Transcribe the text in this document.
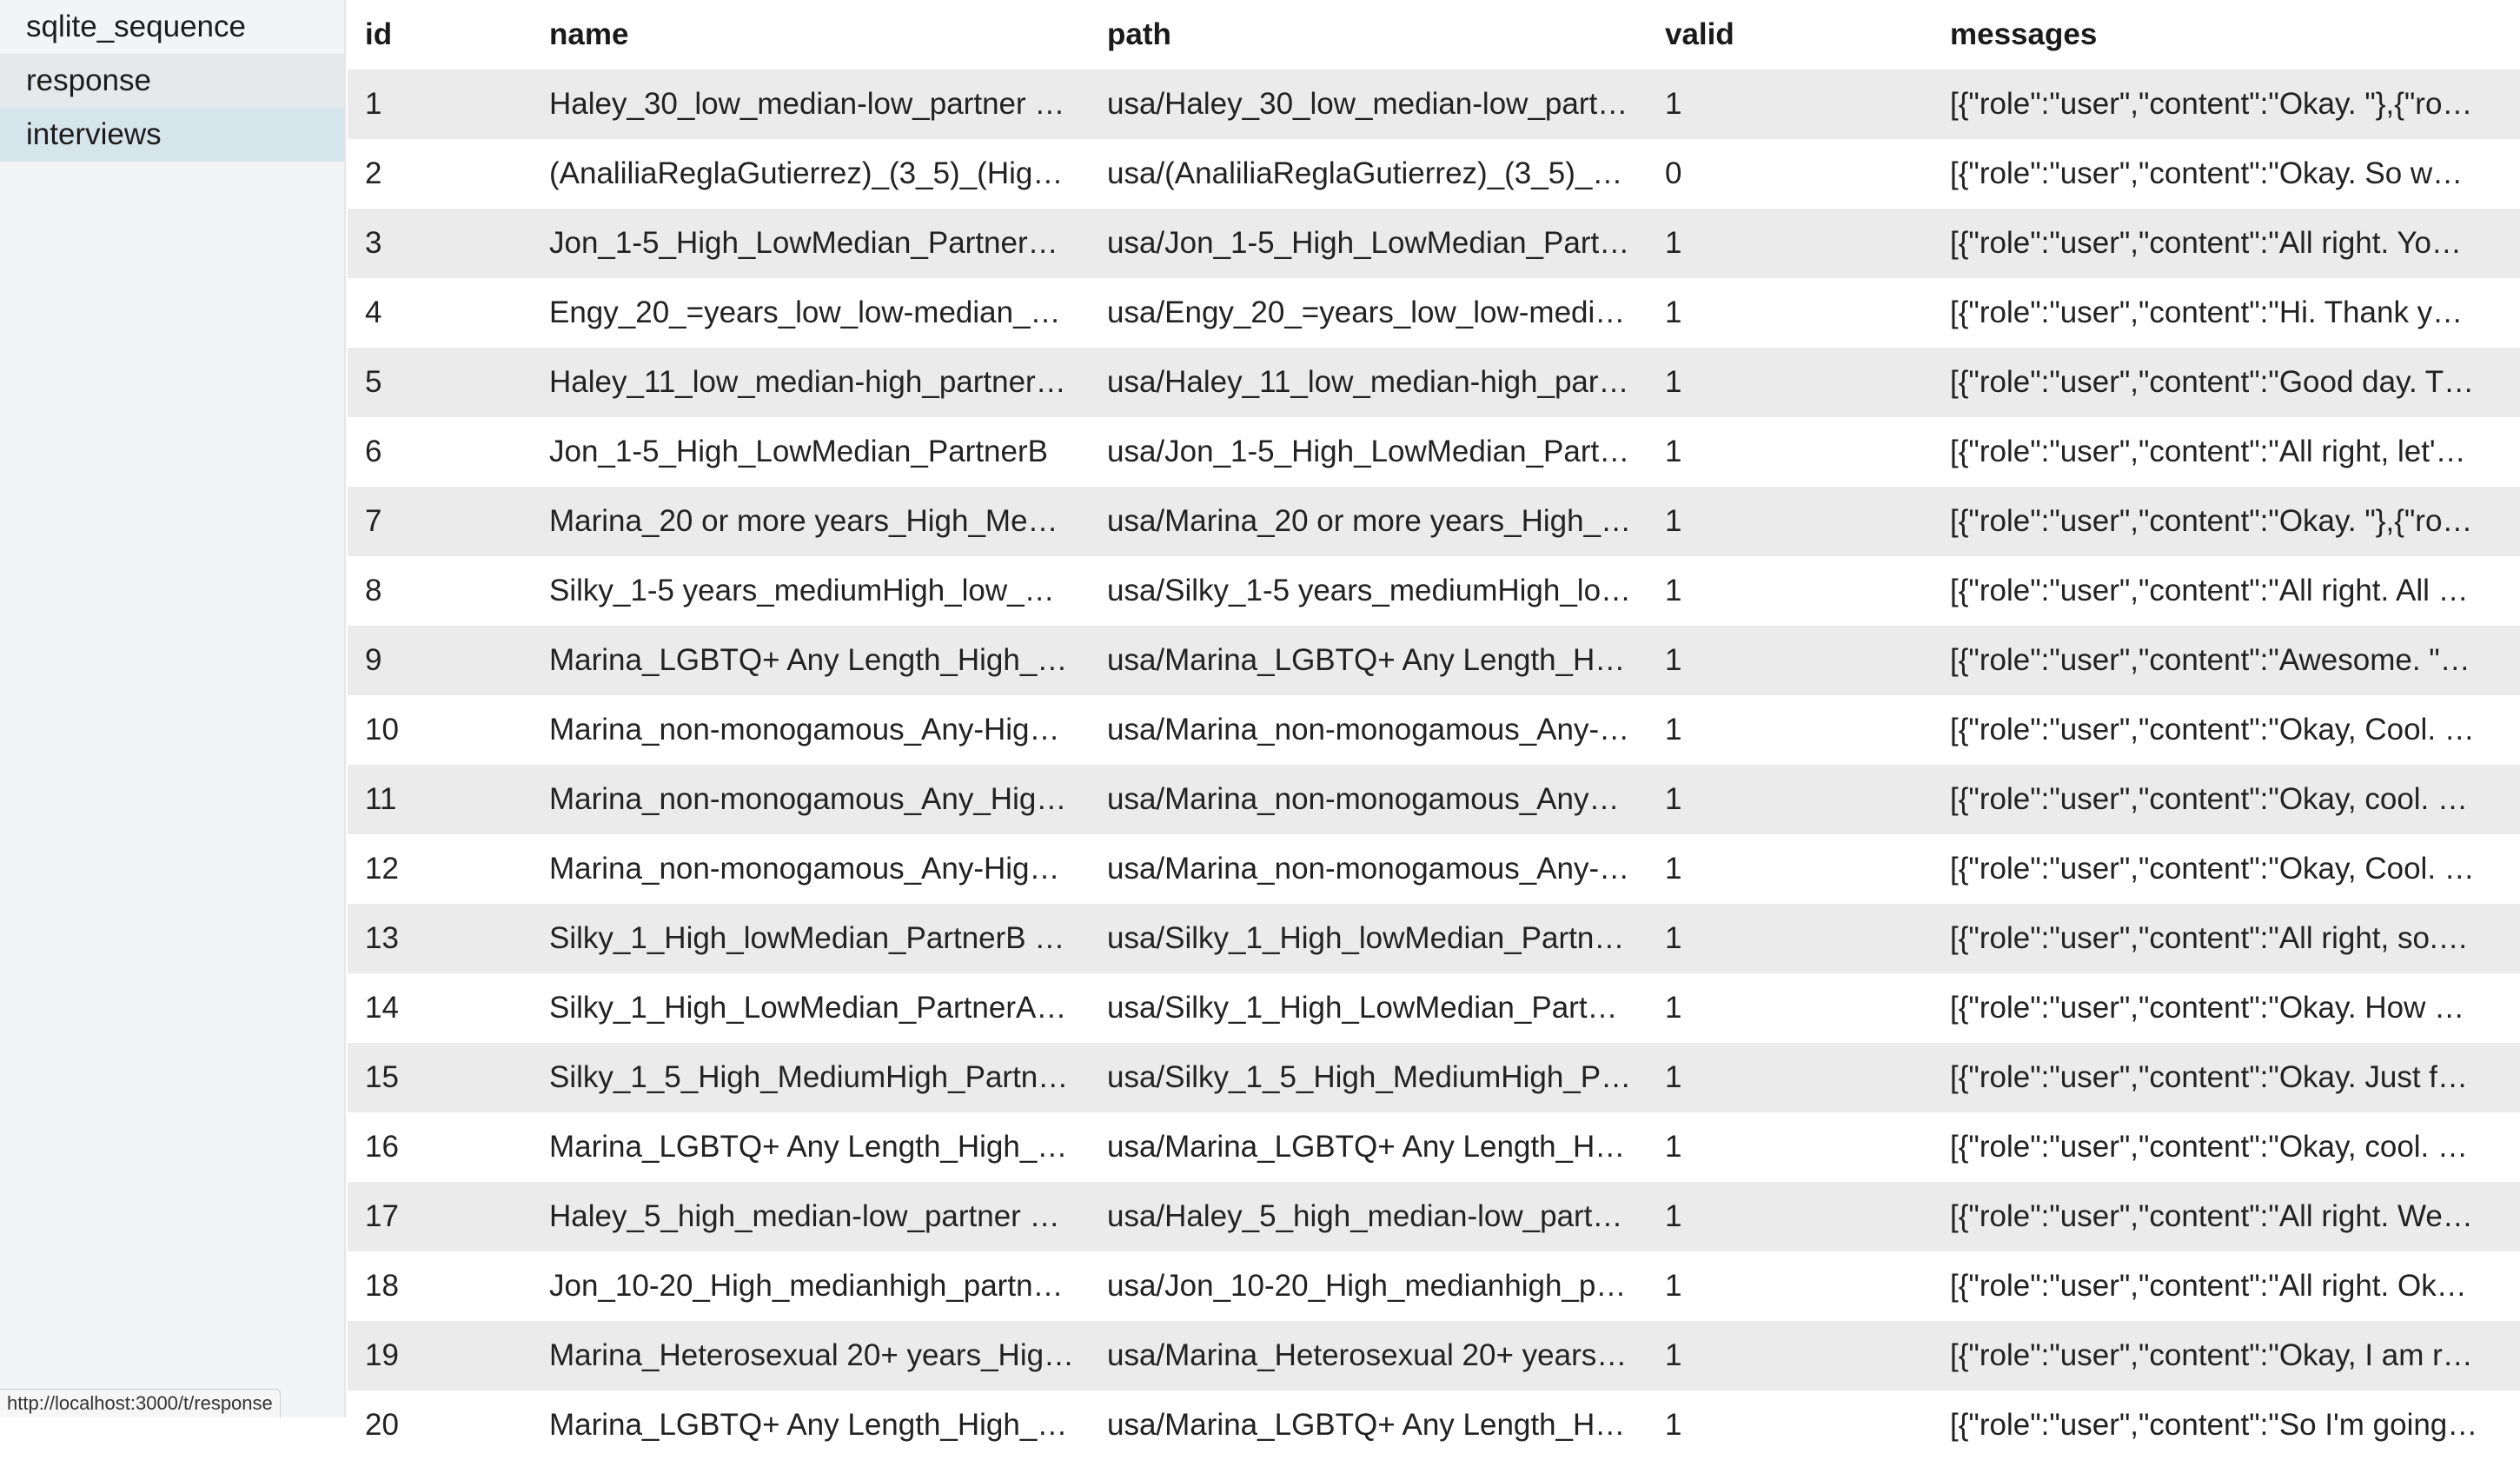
sqlite_sequence
response
interviews
id	name	path	valid	messages
1	Haley_30_low_median-low_partner …	usa/Haley_30_low_median-low_part…	1	[{"role":"user","content":"Okay. "},{"ro…
2	(AnaliliaReglaGutierrez)_(3_5)_(Hig…	usa/(AnaliliaReglaGutierrez)_(3_5)_…	0	[{"role":"user","content":"Okay. So w…
3	Jon_1-5_High_LowMedian_Partner…	usa/Jon_1-5_High_LowMedian_Part…	1	[{"role":"user","content":"All right. Yo…
4	Engy_20_=years_low_low-median_…	usa/Engy_20_=years_low_low-medi…	1	[{"role":"user","content":"Hi. Thank y…
5	Haley_11_low_median-high_partner…	usa/Haley_11_low_median-high_par…	1	[{"role":"user","content":"Good day. T…
6	Jon_1-5_High_LowMedian_PartnerB	usa/Jon_1-5_High_LowMedian_Part…	1	[{"role":"user","content":"All right, let'…
7	Marina_20 or more years_High_Me…	usa/Marina_20 or more years_High_…	1	[{"role":"user","content":"Okay. "},{"ro…
8	Silky_1-5 years_mediumHigh_low_…	usa/Silky_1-5 years_mediumHigh_lo…	1	[{"role":"user","content":"All right. All …
9	Marina_LGBTQ+ Any Length_High_…	usa/Marina_LGBTQ+ Any Length_H…	1	[{"role":"user","content":"Awesome. "…
10	Marina_non-monogamous_Any-Hig…	usa/Marina_non-monogamous_Any-…	1	[{"role":"user","content":"Okay, Cool. …
11	Marina_non-monogamous_Any_Hig…	usa/Marina_non-monogamous_Any…	1	[{"role":"user","content":"Okay, cool. …
12	Marina_non-monogamous_Any-Hig…	usa/Marina_non-monogamous_Any-…	1	[{"role":"user","content":"Okay, Cool. …
13	Silky_1_High_lowMedian_PartnerB …	usa/Silky_1_High_lowMedian_Partn…	1	[{"role":"user","content":"All right, so.…
14	Silky_1_High_LowMedian_PartnerA…	usa/Silky_1_High_LowMedian_Part…	1	[{"role":"user","content":"Okay. How …
15	Silky_1_5_High_MediumHigh_Partn…	usa/Silky_1_5_High_MediumHigh_P…	1	[{"role":"user","content":"Okay. Just f…
16	Marina_LGBTQ+ Any Length_High_…	usa/Marina_LGBTQ+ Any Length_H…	1	[{"role":"user","content":"Okay, cool. …
17	Haley_5_high_median-low_partner …	usa/Haley_5_high_median-low_part…	1	[{"role":"user","content":"All right. We…
18	Jon_10-20_High_medianhigh_partn…	usa/Jon_10-20_High_medianhigh_p…	1	[{"role":"user","content":"All right. Ok…
19	Marina_Heterosexual 20+ years_Hig…	usa/Marina_Heterosexual 20+ years…	1	[{"role":"user","content":"Okay, I am r…
20	Marina_LGBTQ+ Any Length_High_…	usa/Marina_LGBTQ+ Any Length_H…	1	[{"role":"user","content":"So I'm going…
http://localhost:3000/t/response
